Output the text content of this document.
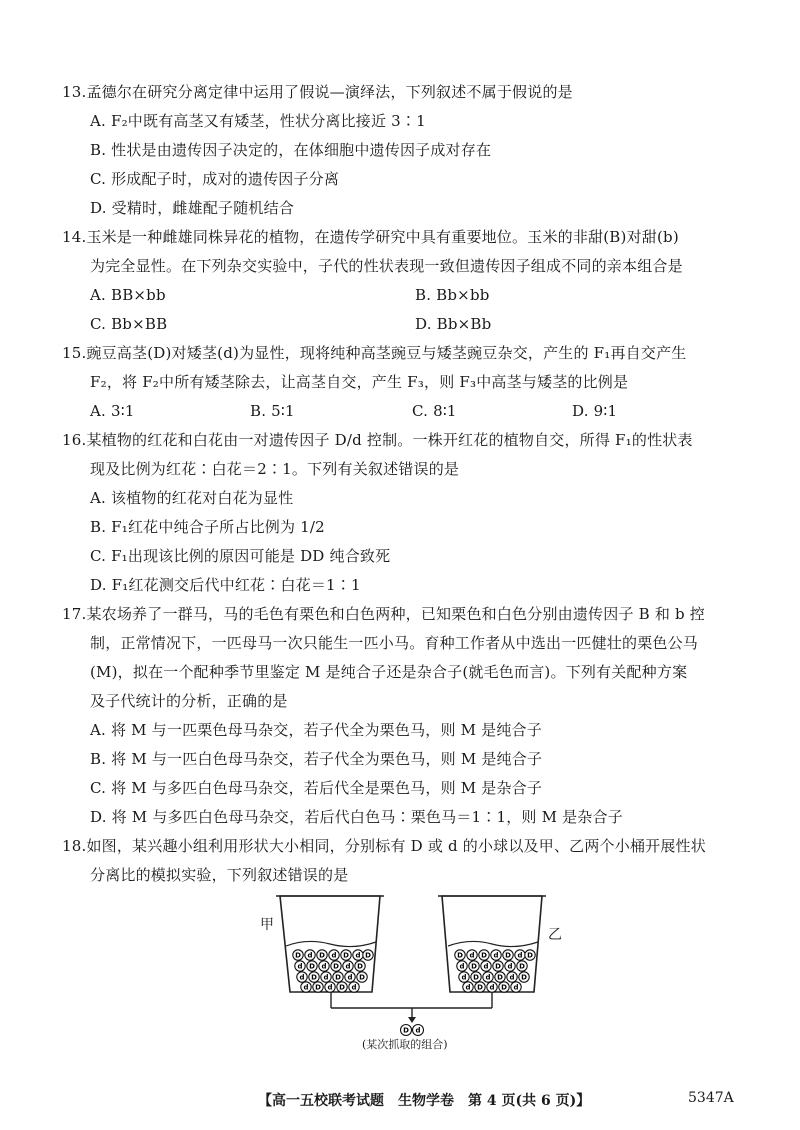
13.孟德尔在研究分离定律中运用了假说—演绎法，下列叙述不属于假说的是
A. F₂中既有高茎又有矮茎，性状分离比接近 3∶1
B. 性状是由遗传因子决定的，在体细胞中遗传因子成对存在
C. 形成配子时，成对的遗传因子分离
D. 受精时，雌雄配子随机结合
14.玉米是一种雌雄同株异花的植物，在遗传学研究中具有重要地位。玉米的非甜(B)对甜(b)
为完全显性。在下列杂交实验中，子代的性状表现一致但遗传因子组成不同的亲本组合是
A. BB×bb	B. Bb×bb
C. Bb×BB	D. Bb×Bb
15.豌豆高茎(D)对矮茎(d)为显性，现将纯种高茎豌豆与矮茎豌豆杂交，产生的 F₁再自交产生
F₂，将 F₂中所有矮茎除去，让高茎自交，产生 F₃，则 F₃中高茎与矮茎的比例是
A. 3∶1	B. 5∶1	C. 8∶1	D. 9∶1
16.某植物的红花和白花由一对遗传因子 D/d 控制。一株开红花的植物自交，所得 F₁的性状表
现及比例为红花∶白花＝2∶1。下列有关叙述错误的是
A. 该植物的红花对白花为显性
B. F₁红花中纯合子所占比例为 1/2
C. F₁出现该比例的原因可能是 DD 纯合致死
D. F₁红花测交后代中红花∶白花＝1∶1
17.某农场养了一群马，马的毛色有栗色和白色两种，已知栗色和白色分别由遗传因子 B 和 b 控
制，正常情况下，一匹母马一次只能生一匹小马。育种工作者从中选出一匹健壮的栗色公马
(M)，拟在一个配种季节里鉴定 M 是纯合子还是杂合子(就毛色而言)。下列有关配种方案
及子代统计的分析，正确的是
A. 将 M 与一匹栗色母马杂交，若子代全为栗色马，则 M 是纯合子
B. 将 M 与一匹白色母马杂交，若子代全为栗色马，则 M 是纯合子
C. 将 M 与多匹白色母马杂交，若后代全是栗色马，则 M 是杂合子
D. 将 M 与多匹白色母马杂交，若后代白色马∶栗色马＝1∶1，则 M 是杂合子
18.如图，某兴趣小组利用形状大小相同，分别标有 D 或 d 的小球以及甲、乙两个小桶开展性状
分离比的模拟实验，下列叙述错误的是
D d D d D d D
d D d D d D
d D d D d D
d D d D d
D d D d D d D
d D d D d D
d D d D d D
d D d D d
D d
甲
乙
(某次抓取的组合)
【高一五校联考试题　生物学卷　第 4 页(共 6 页)】	5347A
